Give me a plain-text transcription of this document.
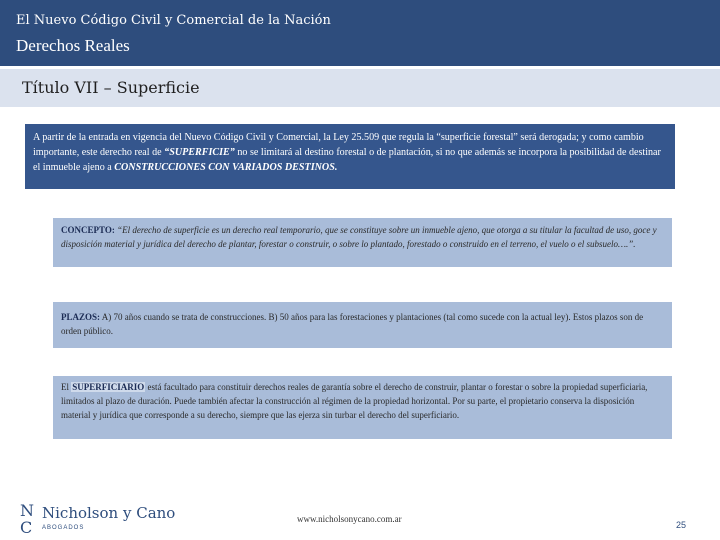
El Nuevo Código Civil y Comercial de la Nación
Derechos Reales
Título VII – Superficie
A partir de la entrada en vigencia del Nuevo Código Civil y Comercial, la Ley 25.509 que regula la “superficie forestal” será derogada; y como cambio importante, este derecho real de “SUPERFICIE” no se limitará al destino forestal o de plantación, si no que además se incorpora la posibilidad de destinar el inmueble ajeno a CONSTRUCCIONES CON VARIADOS DESTINOS.
CONCEPTO: “El derecho de superficie es un derecho real temporario, que se constituye sobre un inmueble ajeno, que otorga a su titular la facultad de uso, goce y disposición material y jurídica del derecho de plantar, forestar o construir, o sobre lo plantado, forestado o construido en el terreno, el vuelo o el subsuelo….”.
PLAZOS: A) 70 años cuando se trata de construcciones. B) 50 años para las forestaciones y plantaciones (tal como sucede con la actual ley). Estos plazos son de orden público.
El SUPERFICIARIO está facultado para constituir derechos reales de garantía sobre el derecho de construir, plantar o forestar o sobre la propiedad superficiaria, limitados al plazo de duración. Puede también afectar la construcción al régimen de la propiedad horizontal. Por su parte, el propietario conserva la disposición material y jurídica que corresponde a su derecho, siempre que las ejerza sin turbar el derecho del superficiario.
N
C
Nicholson y Cano
ABOGADOS
www.nicholsonycano.com.ar
25
